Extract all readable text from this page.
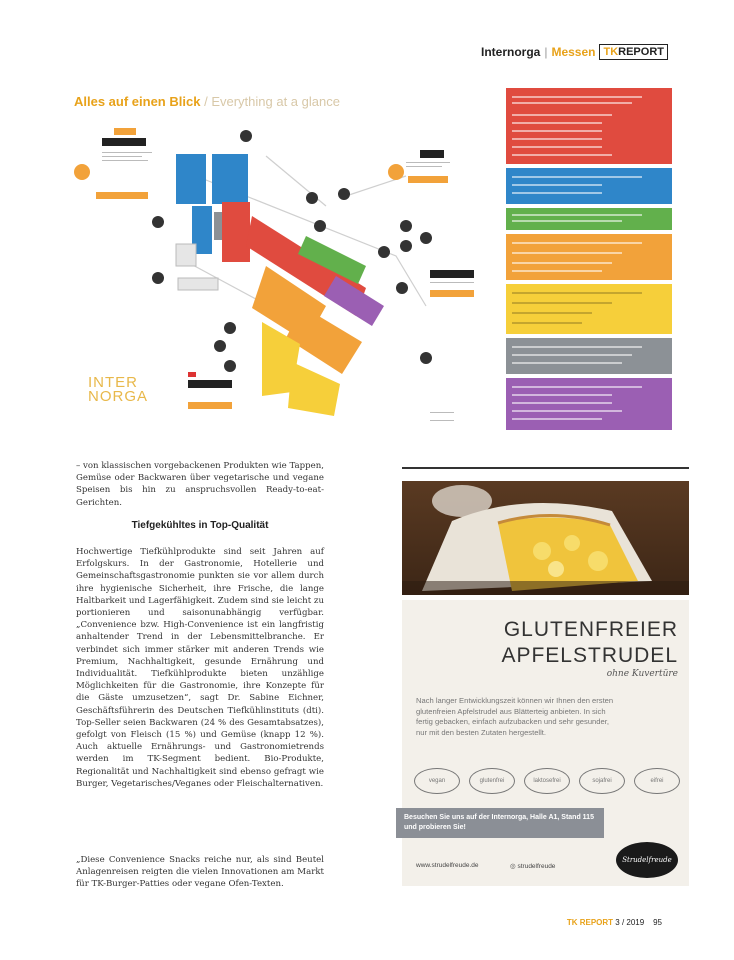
Internorga | Messen TKREPORT
Alles auf einen Blick / Everything at a glance
INTER
NORGA
– von klassischen vorgebackenen Produkten wie Tappen, Gemüse oder Backwaren über vegetarische und vegane Speisen bis hin zu anspruchsvollen Ready-to-eat-Gerichten.
Tiefgekühltes in Top-Qualität
Hochwertige Tiefkühlprodukte sind seit Jahren auf Erfolgskurs. In der Gastronomie, Hotellerie und Gemeinschaftsgastronomie punkten sie vor allem durch ihre hygienische Sicherheit, ihre Frische, die lange Haltbarkeit und Lagerfähigkeit. Zudem sind sie leicht zu portionieren und saisonunabhängig verfügbar. „Convenience bzw. High-Convenience ist ein langfristig anhaltender Trend in der Lebensmittelbranche. Er verbindet sich immer stärker mit anderen Trends wie Premium, Nachhaltigkeit, gesunde Ernährung und Individualität. Tiefkühlprodukte bieten unzählige Möglichkeiten für die Gastronomie, ihre Konzepte für die Gäste umzusetzen“, sagt Dr. Sabine Eichner, Geschäftsführerin des Deutschen Tiefkühlinstituts (dti). Top-Seller seien Backwaren (24 % des Gesamtabsatzes), gefolgt von Fleisch (15 %) und Gemüse (knapp 12 %). Auch aktuelle Ernährungs- und Gastronomietrends werden im TK-Segment bedient. Bio-Produkte, Regionalität und Nachhaltigkeit sind ebenso gefragt wie Burger, Vegetarisches/Veganes oder Fleischalternativen.
„Diese Convenience Snacks reiche nur, als sind Beutel Anlagenreisen reigten die vielen Innovationen am Markt für TK-Burger-Patties oder vegane Ofen-Texten.
GLUTENFREIER
APFELSTRUDEL
ohne Kuvertüre
Nach langer Entwicklungszeit können wir Ihnen den ersten glutenfreien Apfelstrudel aus Blätterteig anbieten. In sich fertig gebacken, einfach aufzubacken und sehr gesunder, nur mit den besten Zutaten hergestellt.
vegan	glutenfrei	laktosefrei	sojafrei	eifrei
Besuchen Sie uns auf der Internorga, Halle A1, Stand 115 und probieren Sie!
www.strudelfreude.de	◎ strudelfreude
Strudelfreude
TK REPORT 3 / 2019 95
